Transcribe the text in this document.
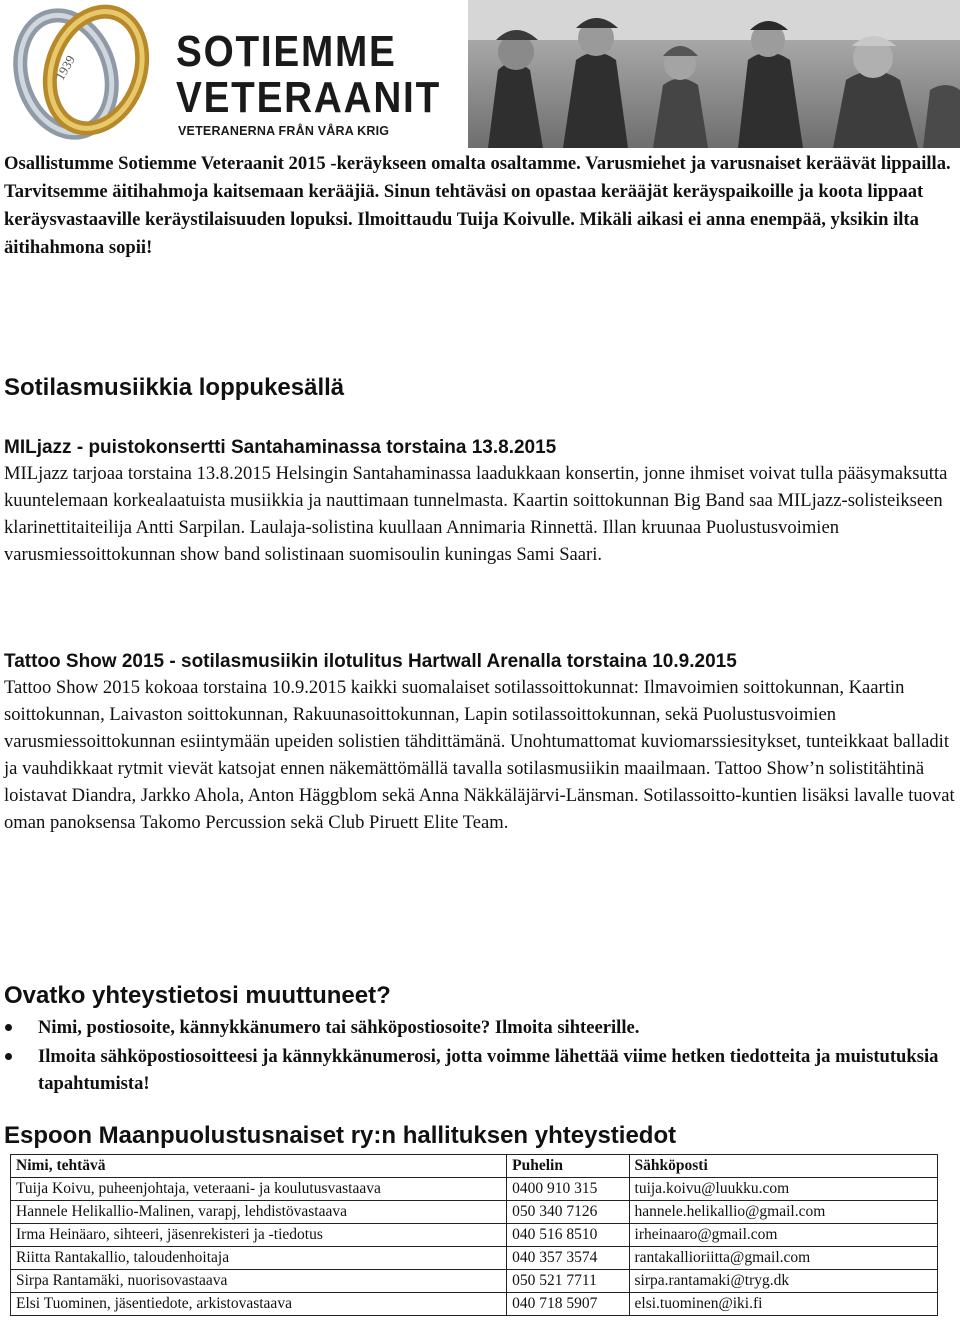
1939 SOTIEMME
VETERAANIT
VETERANERNA FRÅN VÅRA KRIG

Osallistumme Sotiemme Veteraanit 2015 -keräykseen omalta osaltamme. Varusmiehet ja varusnaiset keräävät lippailla. Tarvitsemme äitihahmoja kaitsemaan kerääjiä. Sinun tehtäväsi on opastaa kerääjät keräyspaikoille ja koota lippaat keräysvastaaville keräystilaisuuden lopuksi. Ilmoittaudu Tuija Koivulle. Mikäli aikasi ei anna enempää, yksikin ilta äitihahmona sopii!

Sotilasmusiikkia loppukesällä
MILjazz - puistokonsertti Santahaminassa torstaina 13.8.2015

MILjazz tarjoaa torstaina 13.8.2015 Helsingin Santahaminassa laadukkaan konsertin, jonne ihmiset voivat tulla pääsymaksutta kuuntelemaan korkealaatuista musiikkia ja nauttimaan tunnelmasta. Kaartin soittokunnan Big Band saa MILjazz-solisteikseen klarinettitaiteilija Antti Sarpilan. Laulaja-solistina kuullaan Annimaria Rinnettä. Illan kruunaa Puolustusvoimien varusmiessoittokunnan show band solistinaan suomisoulin kuningas Sami Saari.

Tattoo Show 2015 - sotilasmusiikin ilotulitus Hartwall Arenalla torstaina 10.9.2015

Tattoo Show 2015 kokoaa torstaina 10.9.2015 kaikki suomalaiset sotilassoittokunnat: Ilmavoimien soittokunnan, Kaartin soittokunnan, Laivaston soittokunnan, Rakuunasoittokunnan, Lapin sotilassoittokunnan, sekä Puolustusvoimien varusmiessoittokunnan esiintymään upeiden solistien tähdittämänä. Unohtumattomat kuviomarssiesitykset, tunteikkaat balladit ja vauhdikkaat rytmit vievät katsojat ennen näkemättömällä tavalla sotilasmusiikin maailmaan. Tattoo Show’n solistitähtinä loistavat Diandra, Jarkko Ahola, Anton Häggblom sekä Anna Näkkäläjärvi-Länsman. Sotilassoitto-kuntien lisäksi lavalle tuovat oman panoksensa Takomo Percussion sekä Club Piruett Elite Team.

Ovatko yhteystietosi muuttuneet?
Nimi, postiosoite, kännykkänumero tai sähköpostiosoite? Ilmoita sihteerille.
Ilmoita sähköpostiosoitteesi ja kännykkänumerosi, jotta voimme lähettää viime hetken tiedotteita ja muistutuksia tapahtumista!
Espoon Maanpuolustusnaiset ry:n hallituksen yhteystiedot
Nimi, tehtävä	Puhelin	Sähköposti
Tuija Koivu, puheenjohtaja, veteraani- ja koulutusvastaava	0400 910 315	tuija.koivu@luukku.com
Hannele Helikallio-Malinen, varapj, lehdistövastaava	050 340 7126	hannele.helikallio@gmail.com
Irma Heinäaro, sihteeri, jäsenrekisteri ja -tiedotus	040 516 8510	irheinaaro@gmail.com
Riitta Rantakallio, taloudenhoitaja	040 357 3574	rantakallioriitta@gmail.com
Sirpa Rantamäki, nuorisovastaava	050 521 7711	sirpa.rantamaki@tryg.dk
Elsi Tuominen, jäsentiedote, arkistovastaava	040 718 5907	elsi.tuominen@iki.fi
